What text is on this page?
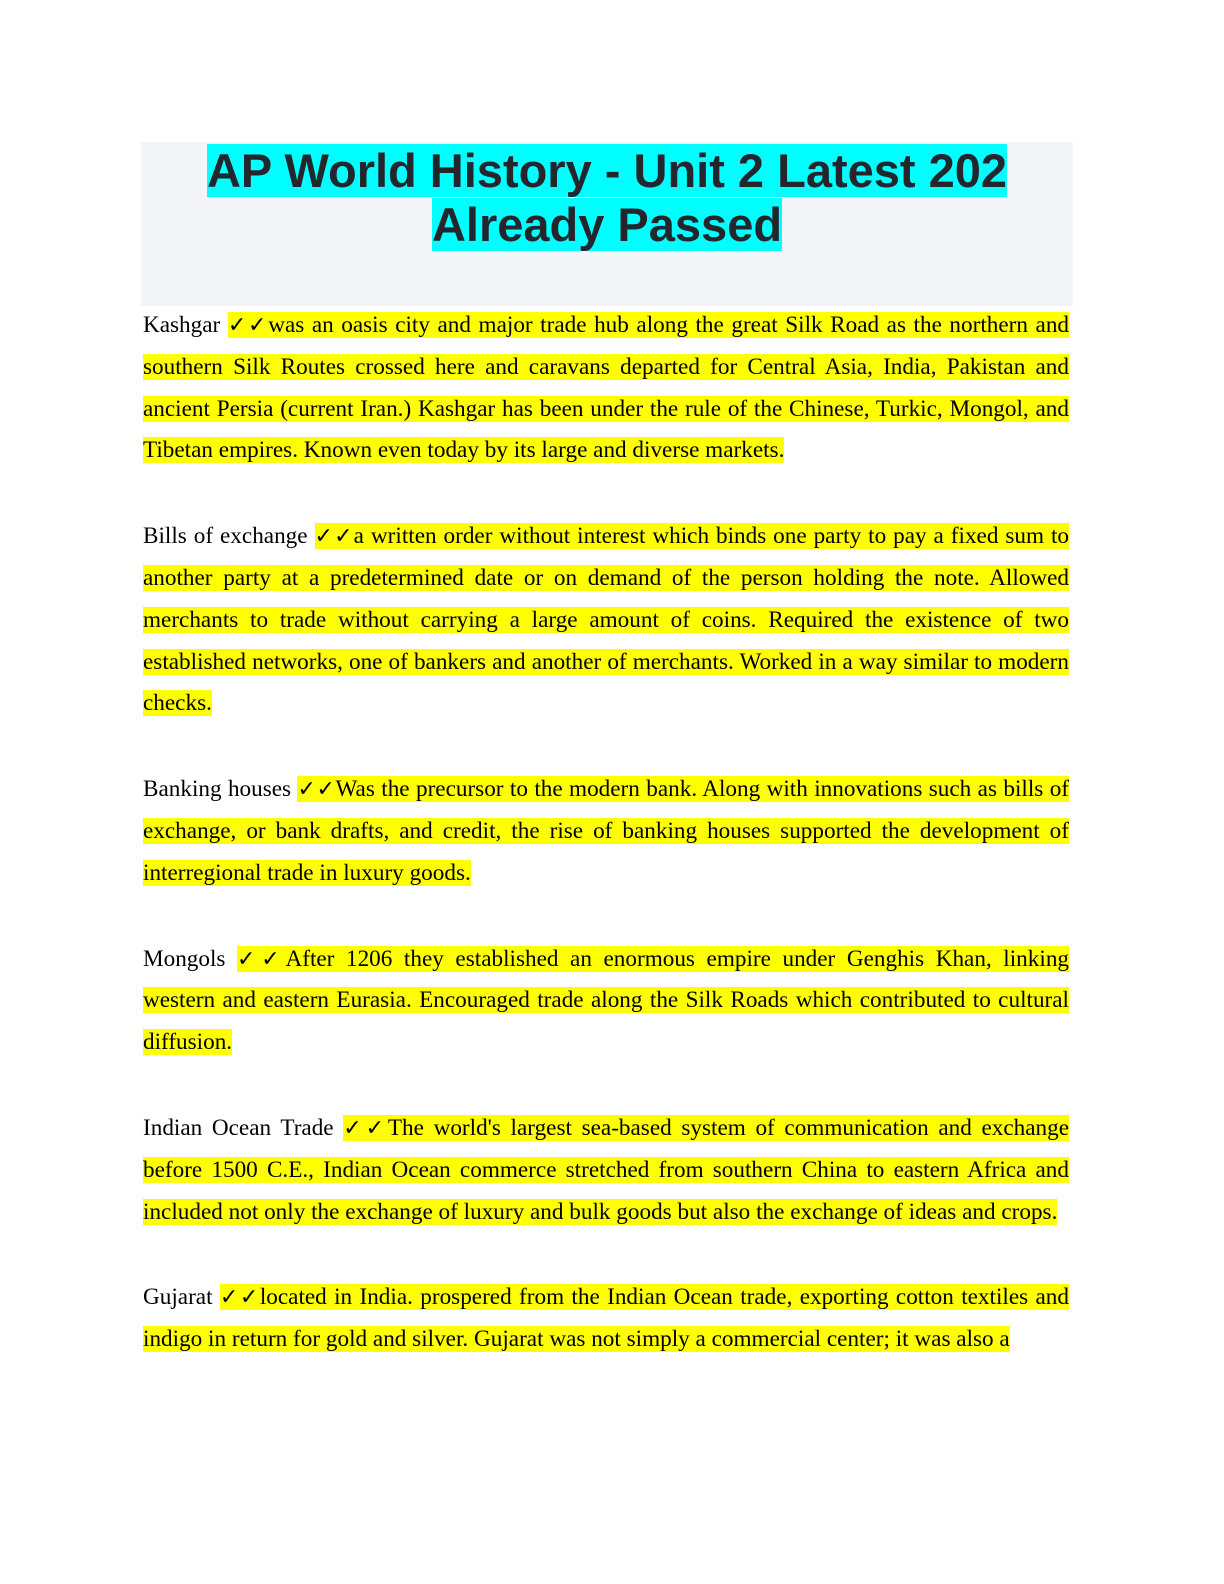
AP World History - Unit 2 Latest 202
Already Passed

Kashgar ✓✓was an oasis city and major trade hub along the great Silk Road as the northern and southern Silk Routes crossed here and caravans departed for Central Asia, India, Pakistan and ancient Persia (current Iran.) Kashgar has been under the rule of the Chinese, Turkic, Mongol, and Tibetan empires. Known even today by its large and diverse markets.

Bills of exchange ✓✓a written order without interest which binds one party to pay a fixed sum to another party at a predetermined date or on demand of the person holding the note. Allowed merchants to trade without carrying a large amount of coins. Required the existence of two established networks, one of bankers and another of merchants. Worked in a way similar to modern checks.

Banking houses ✓✓Was the precursor to the modern bank. Along with innovations such as bills of exchange, or bank drafts, and credit, the rise of banking houses supported the development of interregional trade in luxury goods.

Mongols ✓✓After 1206 they established an enormous empire under Genghis Khan, linking western and eastern Eurasia. Encouraged trade along the Silk Roads which contributed to cultural diffusion.

Indian Ocean Trade ✓✓The world's largest sea-based system of communication and exchange before 1500 C.E., Indian Ocean commerce stretched from southern China to eastern Africa and included not only the exchange of luxury and bulk goods but also the exchange of ideas and crops.

Gujarat ✓✓located in India. prospered from the Indian Ocean trade, exporting cotton textiles and indigo in return for gold and silver. Gujarat was not simply a commercial center; it was also a
